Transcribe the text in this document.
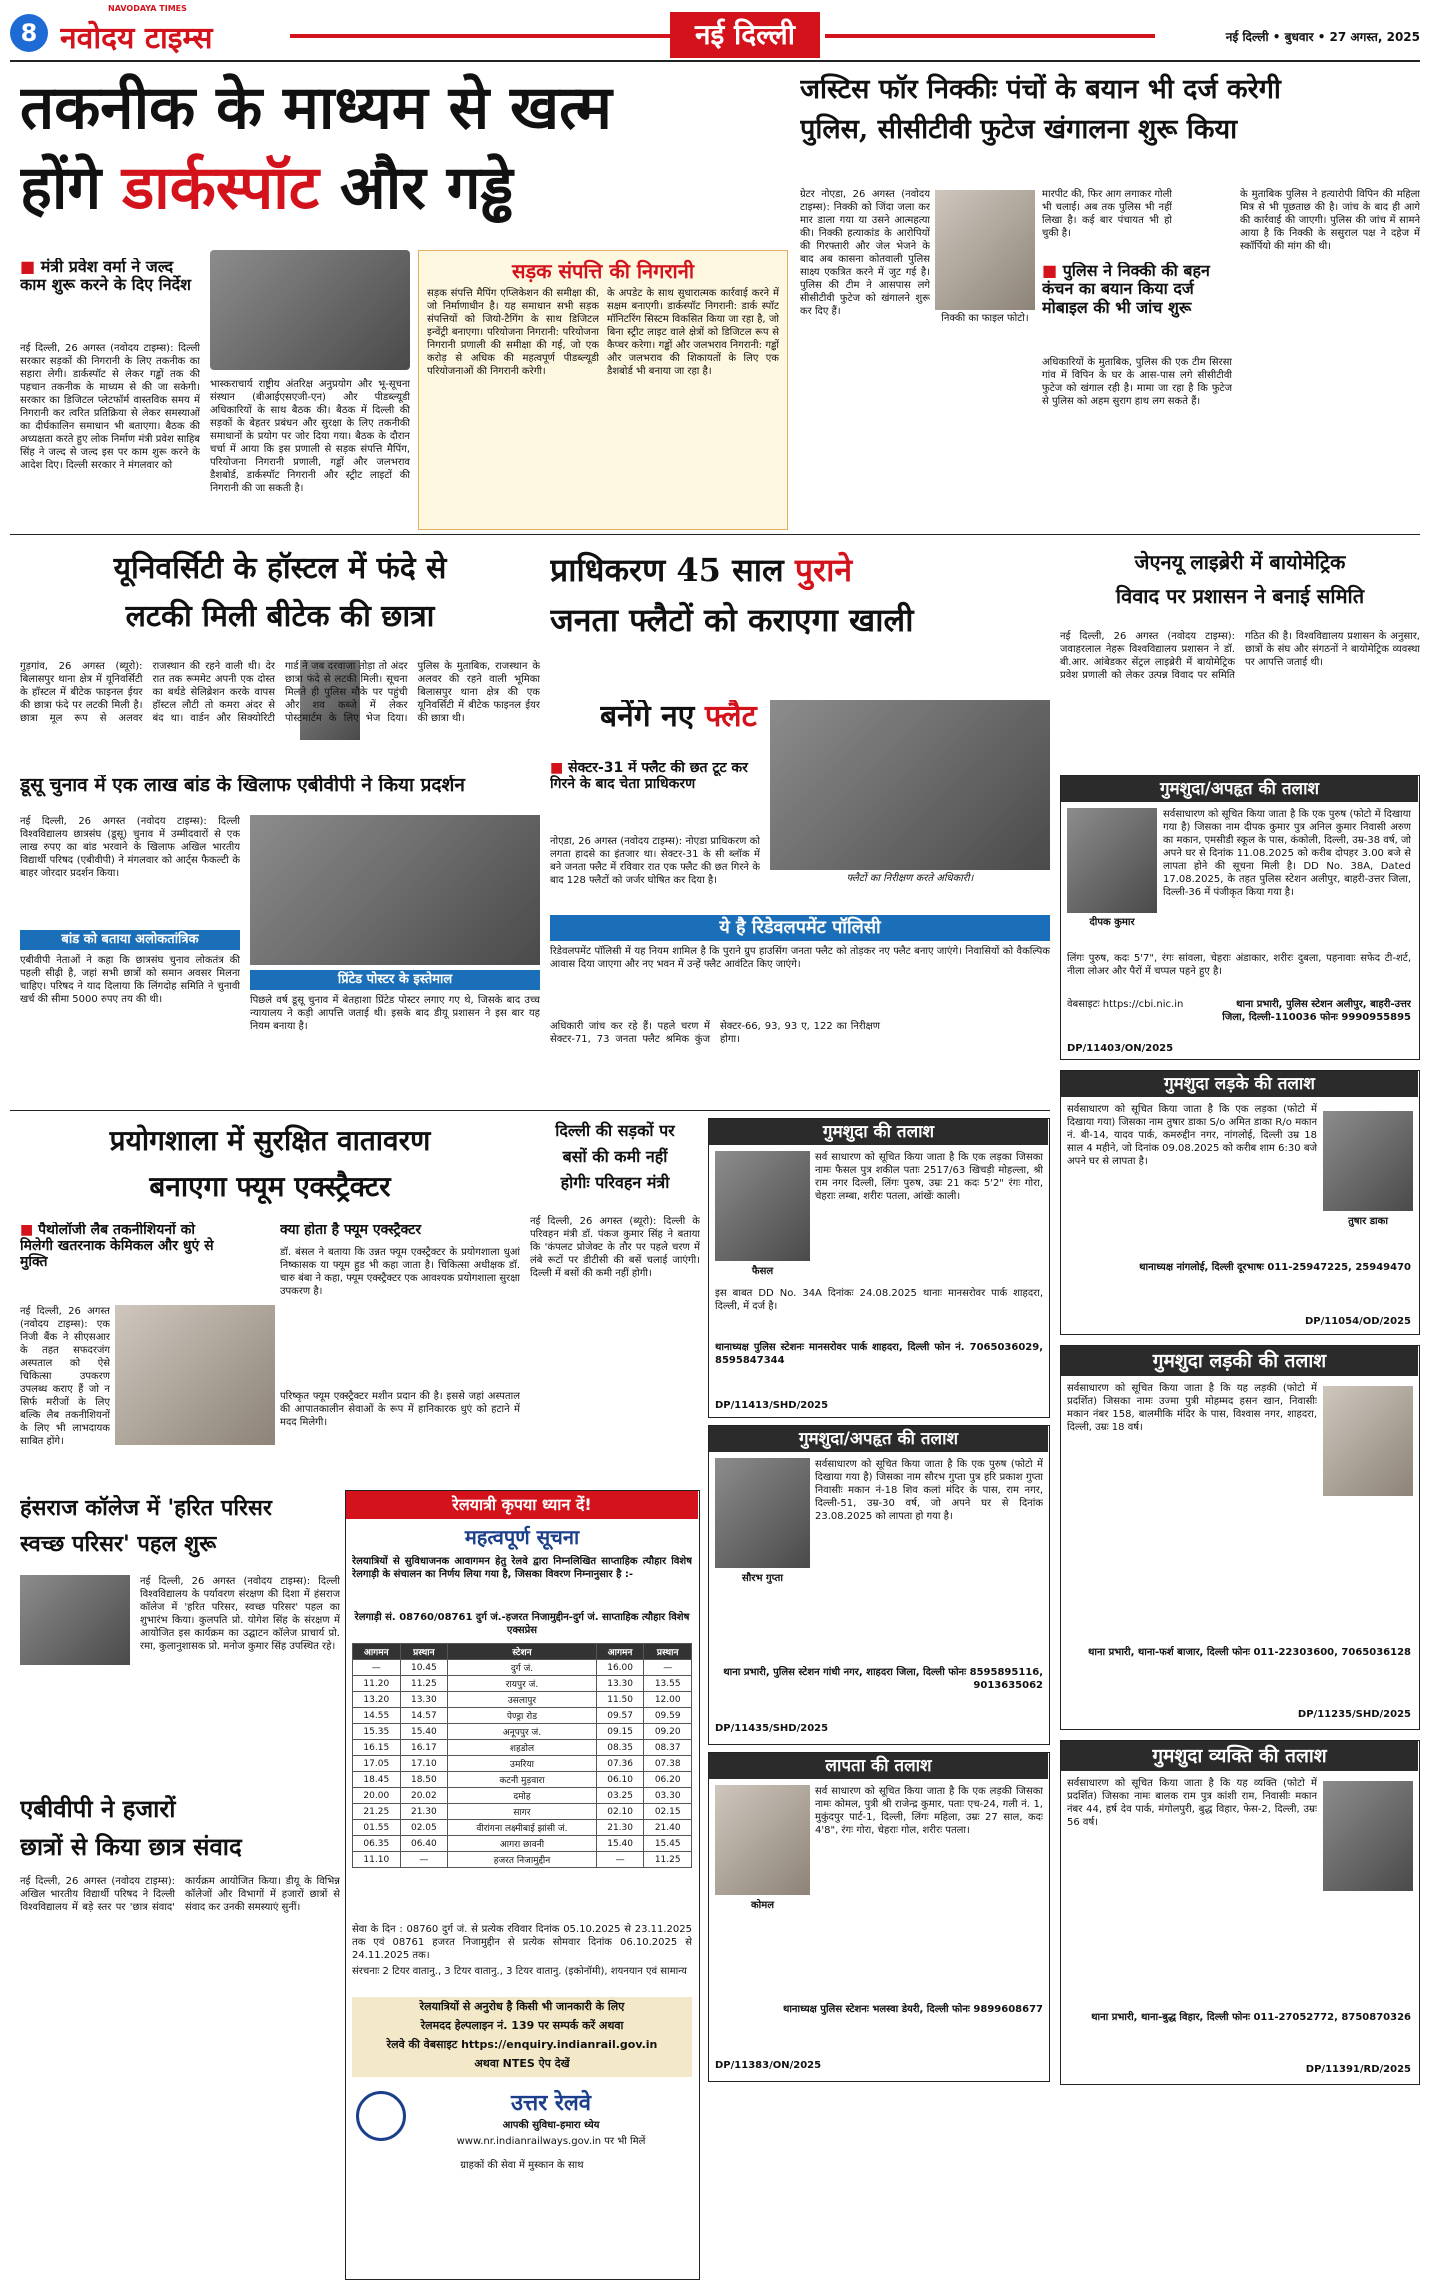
8
NAVODAYA TIMES
नवोदय टाइम्स	नई दिल्ली	नई दिल्ली • बुधवार • 27 अगस्त, 2025
तकनीक के माध्यम से खत्म
होंगे डार्कस्पॉट और गड्ढे
■ मंत्री प्रवेश वर्मा ने जल्द काम शुरू करने के दिए निर्देश
नई दिल्ली, 26 अगस्त (नवोदय टाइम्स): दिल्ली सरकार सड़कों की निगरानी के लिए तकनीक का सहारा लेगी। डार्कस्पॉट से लेकर गड्ढों तक की पहचान तकनीक के माध्यम से की जा सकेगी। सरकार का डिजिटल प्लेटफॉर्म वास्तविक समय में निगरानी कर त्वरित प्रतिक्रिया से लेकर समस्याओं का दीर्घकालिन समाधान भी बताएगा। बैठक की अध्यक्षता करते हुए लोक निर्माण मंत्री प्रवेश साहिब सिंह ने जल्द से जल्द इस पर काम शुरू करने के आदेश दिए। दिल्ली सरकार ने मंगलवार को
भास्कराचार्य राष्ट्रीय अंतरिक्ष अनुप्रयोग और भू-सूचना संस्थान (बीआईएसएजी-एन) और पीडब्ल्यूडी अधिकारियों के साथ बैठक की। बैठक में दिल्ली की सड़कों के बेहतर प्रबंधन और सुरक्षा के लिए तकनीकी समाधानों के प्रयोग पर जोर दिया गया। बैठक के दौरान चर्चा में आया कि इस प्रणाली से सड़क संपत्ति मैपिंग, परियोजना निगरानी प्रणाली, गड्ढों और जलभराव डैशबोर्ड, डार्कस्पॉट निगरानी और स्ट्रीट लाइटों की निगरानी की जा सकती है।
सड़क संपत्ति की निगरानी
सड़क संपत्ति मैपिंग एप्लिकेशन की समीक्षा की, जो निर्माणाधीन है। यह समाधान सभी सड़क संपत्तियों को जियो-टैगिंग के साथ डिजिटल इन्वेंट्री बनाएगा। परियोजना निगरानी: परियोजना निगरानी प्रणाली की समीक्षा की गई, जो एक करोड़ से अधिक की महत्वपूर्ण पीडब्ल्यूडी परियोजनाओं की निगरानी करेगी।
के अपडेट के साथ सुधारात्मक कार्रवाई करने में सक्षम बनाएगी। डार्कस्पॉट निगरानी: डार्क स्पॉट मॉनिटरिंग सिस्टम विकसित किया जा रहा है, जो बिना स्ट्रीट लाइट वाले क्षेत्रों को डिजिटल रूप से कैप्चर करेगा। गड्ढों और जलभराव निगरानी: गड्ढों और जलभराव की शिकायतों के लिए एक डैशबोर्ड भी बनाया जा रहा है।
जस्टिस फॉर निक्कीः पंचों के बयान भी दर्ज करेगी
पुलिस, सीसीटीवी फुटेज खंगालना शुरू किया
ग्रेटर नोएडा, 26 अगस्त (नवोदय टाइम्स): निक्की को जिंदा जला कर मार डाला गया या उसने आत्महत्या की। निक्की हत्याकांड के आरोपियों की गिरफ्तारी और जेल भेजने के बाद अब कासना कोतवाली पुलिस साक्ष्य एकत्रित करने में जुट गई है। पुलिस की टीम ने आसपास लगे सीसीटीवी फुटेज को खंगालने शुरू कर दिए हैं।
निक्की का फाइल फोटो।
मारपीट की, फिर आग लगाकर गोली भी चलाई। अब तक पुलिस भी नहीं लिखा है। कई बार पंचायत भी हो चुकी है।
■ पुलिस ने निक्की की बहन कंचन का बयान किया दर्ज मोबाइल की भी जांच शुरू
अधिकारियों के मुताबिक, पुलिस की एक टीम सिरसा गांव में विपिन के घर के आस-पास लगे सीसीटीवी फुटेज को खंगाल रही है। मामा जा रहा है कि फुटेज से पुलिस को अहम सुराग हाथ लग सकते हैं।
के मुताबिक पुलिस ने हत्यारोपी विपिन की महिला मित्र से भी पूछताछ की है। जांच के बाद ही आगे की कार्रवाई की जाएगी। पुलिस की जांच में सामने आया है कि निक्की के ससुराल पक्ष ने दहेज में स्कॉर्पियो की मांग की थी।
यूनिवर्सिटी के हॉस्टल में फंदे से
लटकी मिली बीटेक की छात्रा
गुड़गांव, 26 अगस्त (ब्यूरो): बिलासपुर थाना क्षेत्र में यूनिवर्सिटी के हॉस्टल में बीटेक फाइनल ईयर की छात्रा फंदे पर लटकी मिली है। छात्रा मूल रूप से अलवर राजस्थान की रहने वाली थी। देर रात तक रूममेट अपनी एक दोस्त का बर्थडे सेलिब्रेशन करके वापस हॉस्टल लौटी तो कमरा अंदर से बंद था। वार्डन और सिक्योरिटी गार्ड ने जब दरवाजा तोड़ा तो अंदर छात्रा फंदे से लटकी मिली। सूचना मिलते ही पुलिस मौके पर पहुंची और शव कब्जे में लेकर पोस्टमार्टम के लिए भेज दिया। पुलिस के मुताबिक, राजस्थान के अलवर की रहने वाली भूमिका बिलासपुर थाना क्षेत्र की एक यूनिवर्सिटी में बीटेक फाइनल ईयर की छात्रा थी।
प्राधिकरण 45 साल पुराने
जनता फ्लैटों को कराएगा खाली
बनेंगे नए फ्लैट
■ सेक्टर-31 में फ्लैट की छत टूट कर गिरने के बाद चेता प्राधिकरण
फ्लैटों का निरीक्षण करते अधिकारी।
नोएडा, 26 अगस्त (नवोदय टाइम्स): नोएडा प्राधिकरण को लगता हादसे का इंतजार था। सेक्टर-31 के सी ब्लॉक में बने जनता फ्लैट में रविवार रात एक फ्लैट की छत गिरने के बाद 128 फ्लैटों को जर्जर घोषित कर दिया है।
ये है रिडेवलपमेंट पॉलिसी
रिडेवलपमेंट पॉलिसी में यह नियम शामिल है कि पुराने ग्रुप हाउसिंग जनता फ्लैट को तोड़कर नए फ्लैट बनाए जाएंगे। निवासियों को वैकल्पिक आवास दिया जाएगा और नए भवन में उन्हें फ्लैट आवंटित किए जाएंगे।
अधिकारी जांच कर रहे हैं। पहले चरण में सेक्टर-71, 73 जनता फ्लैट श्रमिक कुंज सेक्टर-66, 93, 93 ए, 122 का निरीक्षण होगा।
जेएनयू लाइब्रेरी में बायोमेट्रिक
विवाद पर प्रशासन ने बनाई समिति
नई दिल्ली, 26 अगस्त (नवोदय टाइम्स): जवाहरलाल नेहरू विश्वविद्यालय प्रशासन ने डॉ. बी.आर. आंबेडकर सेंट्रल लाइब्रेरी में बायोमेट्रिक प्रवेश प्रणाली को लेकर उत्पन्न विवाद पर समिति गठित की है। विश्वविद्यालय प्रशासन के अनुसार, छात्रों के संघ और संगठनों ने बायोमेट्रिक व्यवस्था पर आपत्ति जताई थी।
गुमशुदा/अपहृत की तलाश
दीपक कुमार
सर्वसाधारण को सूचित किया जाता है कि एक पुरुष (फोटो में दिखाया गया है) जिसका नाम दीपक कुमार पुत्र अनिल कुमार निवासी अरुण का मकान, एमसीडी स्कूल के पास, कंकोली, दिल्ली, उम्र-38 वर्ष, जो अपने घर से दिनांक 11.08.2025 को करीब दोपहर 3.00 बजे से लापता होने की सूचना मिली है। DD No. 38A, Dated 17.08.2025, के तहत पुलिस स्टेशन अलीपुर, बाहरी-उत्तर जिला, दिल्ली-36 में पंजीकृत किया गया है।
लिंगः पुरुष, कदः 5'7", रंगः सांवला, चेहराः अंडाकार, शरीरः दुबला, पहनावाः सफेद टी-शर्ट, नीला लोअर और पैरों में चप्पल पहने हुए है।
वेबसाइटः https://cbi.nic.in	थाना प्रभारी, पुलिस स्टेशन अलीपुर, बाहरी-उत्तर जिला, दिल्ली-110036 फोनः 9990955895
DP/11403/ON/2025
डूसू चुनाव में एक लाख बांड के खिलाफ एबीवीपी ने किया प्रदर्शन
नई दिल्ली, 26 अगस्त (नवोदय टाइम्स): दिल्ली विश्वविद्यालय छात्रसंघ (डूसू) चुनाव में उम्मीदवारों से एक लाख रुपए का बांड भरवाने के खिलाफ अखिल भारतीय विद्यार्थी परिषद (एबीवीपी) ने मंगलवार को आर्ट्स फैकल्टी के बाहर जोरदार प्रदर्शन किया।
बांड को बताया अलोकतांत्रिक
एबीवीपी नेताओं ने कहा कि छात्रसंघ चुनाव लोकतंत्र की पहली सीढ़ी है, जहां सभी छात्रों को समान अवसर मिलना चाहिए। परिषद ने याद दिलाया कि लिंगदोह समिति ने चुनावी खर्च की सीमा 5000 रुपए तय की थी।
प्रिंटेड पोस्टर के इस्तेमाल
पिछले वर्ष डूसू चुनाव में बेतहाशा प्रिंटेड पोस्टर लगाए गए थे, जिसके बाद उच्च न्यायालय ने कड़ी आपत्ति जताई थी। इसके बाद डीयू प्रशासन ने इस बार यह नियम बनाया है।
प्रयोगशाला में सुरक्षित वातावरण
बनाएगा फ्यूम एक्स्ट्रैक्टर
■ पैथोलॉजी लैब तकनीशियनों को मिलेगी खतरनाक केमिकल और धुएं से मुक्ति
नई दिल्ली, 26 अगस्त (नवोदय टाइम्स): एक निजी बैंक ने सीएसआर के तहत सफदरजंग अस्पताल को ऐसे चिकित्सा उपकरण उपलब्ध कराए हैं जो न सिर्फ मरीजों के लिए बल्कि लैब तकनीशियनों के लिए भी लाभदायक साबित होंगे।
क्या होता है फ्यूम एक्स्ट्रैक्टर
डॉ. बंसल ने बताया कि उन्नत फ्यूम एक्स्ट्रैक्टर के प्रयोगशाला धुआं निष्कासक या फ्यूम हुड भी कहा जाता है। चिकित्सा अधीक्षक डॉ. चारु बंबा ने कहा, फ्यूम एक्स्ट्रैक्टर एक आवश्यक प्रयोगशाला सुरक्षा उपकरण है।
परिष्कृत फ्यूम एक्स्ट्रैक्टर मशीन प्रदान की है। इससे जहां अस्पताल की आपातकालीन सेवाओं के रूप में हानिकारक धुएं को हटाने में मदद मिलेगी।
दिल्ली की सड़कों पर
बसों की कमी नहीं
होगीः परिवहन मंत्री
नई दिल्ली, 26 अगस्त (ब्यूरो): दिल्ली के परिवहन मंत्री डॉ. पंकज कुमार सिंह ने बताया कि 'कंपलट प्रोजेक्ट के तौर पर पहले चरण में लंबे रूटों पर डीटीसी की बसें चलाई जाएंगी। दिल्ली में बसों की कमी नहीं होगी।
गुमशुदा की तलाश
फैसल
सर्व साधारण को सूचित किया जाता है कि एक लड़का जिसका नामः फैसल पुत्र शकील पताः 2517/63 खिचड़ी मोहल्ला, श्री राम नगर दिल्ली, लिंगः पुरुष, उम्रः 21 कदः 5'2" रंगः गोरा, चेहराः लम्बा, शरीरः पतला, आंखेंः काली।
इस बाबत DD No. 34A दिनांकः 24.08.2025 थानाः मानसरोवर पार्क शाहदरा, दिल्ली, में दर्ज है।
थानाध्यक्ष पुलिस स्टेशनः मानसरोवर पार्क शाहदरा, दिल्ली फोन नं. 7065036029, 8595847344
DP/11413/SHD/2025
गुमशुदा लड़के की तलाश
सर्वसाधारण को सूचित किया जाता है कि एक लड़का (फोटो में दिखाया गया) जिसका नाम तुषार डाका S/o अमित डाका R/o मकान नं. बी-14, यादव पार्क, कमरुद्दीन नगर, नांगलोई, दिल्ली उम्र 18 साल 4 महीने, जो दिनांक 09.08.2025 को करीब शाम 6:30 बजे अपने घर से लापता है।
तुषार डाका
थानाध्यक्ष नांगलोई, दिल्ली दूरभाषः 011-25947225, 25949470
DP/11054/OD/2025
हंसराज कॉलेज में 'हरित परिसर
स्वच्छ परिसर' पहल शुरू
नई दिल्ली, 26 अगस्त (नवोदय टाइम्स): दिल्ली विश्वविद्यालय के पर्यावरण संरक्षण की दिशा में हंसराज कॉलेज में 'हरित परिसर, स्वच्छ परिसर' पहल का शुभारंभ किया। कुलपति प्रो. योगेश सिंह के संरक्षण में आयोजित इस कार्यक्रम का उद्घाटन कॉलेज प्राचार्य प्रो. रमा, कुलानुशासक प्रो. मनोज कुमार सिंह उपस्थित रहे।
एबीवीपी ने हजारों
छात्रों से किया छात्र संवाद
नई दिल्ली, 26 अगस्त (नवोदय टाइम्स): अखिल भारतीय विद्यार्थी परिषद ने दिल्ली विश्वविद्यालय में बड़े स्तर पर 'छात्र संवाद' कार्यक्रम आयोजित किया। डीयू के विभिन्न कॉलेजों और विभागों में हजारों छात्रों से संवाद कर उनकी समस्याएं सुनीं।
रेलयात्री कृपया ध्यान दें!
महत्वपूर्ण सूचना
रेलयात्रियों से सुविधाजनक आवागमन हेतु रेलवे द्वारा निम्नलिखित साप्ताहिक त्यौहार विशेष रेलगाड़ी के संचालन का निर्णय लिया गया है, जिसका विवरण निम्नानुसार है :-
रेलगाड़ी सं. 08760/08761 दुर्ग जं.-हजरत निजामुद्दीन-दुर्ग जं. साप्ताहिक त्यौहार विशेष एक्सप्रेस
आगमन	प्रस्थान	स्टेशन	आगमन	प्रस्थान
—	10.45	दुर्ग जं.	16.00	—
11.20	11.25	रायपुर जं.	13.30	13.55
13.20	13.30	उसलापुर	11.50	12.00
14.55	14.57	पेण्ड्रा रोड	09.57	09.59
15.35	15.40	अनूपपुर जं.	09.15	09.20
16.15	16.17	शहडोल	08.35	08.37
17.05	17.10	उमरिया	07.36	07.38
18.45	18.50	कटनी मुड़वारा	06.10	06.20
20.00	20.02	दमोह	03.25	03.30
21.25	21.30	सागर	02.10	02.15
01.55	02.05	वीरांगना लक्ष्मीबाई झांसी जं.	21.30	21.40
06.35	06.40	आगरा छावनी	15.40	15.45
11.10	—	हजरत निजामुद्दीन	—	11.25
सेवा के दिन : 08760 दुर्ग जं. से प्रत्येक रविवार दिनांक 05.10.2025 से 23.11.2025 तक एवं 08761 हजरत निजामुद्दीन से प्रत्येक सोमवार दिनांक 06.10.2025 से 24.11.2025 तक।
संरचनाः 2 टियर वातानु., 3 टियर वातानु., 3 टियर वातानु. (इकोनॉमी), शयनयान एवं सामान्य
रेलयात्रियों से अनुरोध है किसी भी जानकारी के लिए
रेलमदद हेल्पलाइन नं. 139 पर सम्पर्क करें अथवा
रेलवे की वेबसाइट https://enquiry.indianrail.gov.in
अथवा NTES ऐप देखें
उत्तर रेलवे
आपकी सुविधा-हमारा ध्येय
www.nr.indianrailways.gov.in पर भी मिलें
ग्राहकों की सेवा में मुस्कान के साथ
गुमशुदा/अपहृत की तलाश
सौरभ गुप्ता
सर्वसाधारण को सूचित किया जाता है कि एक पुरुष (फोटो में दिखाया गया है) जिसका नाम सौरभ गुप्ता पुत्र हरि प्रकाश गुप्ता निवासीः मकान नं-18 शिव कलां मंदिर के पास, राम नगर, दिल्ली-51, उम्र-30 वर्ष, जो अपने घर से दिनांक 23.08.2025 को लापता हो गया है।
थाना प्रभारी, पुलिस स्टेशन गांधी नगर, शाहदरा जिला, दिल्ली फोनः 8595895116, 9013635062
DP/11435/SHD/2025
लापता की तलाश
कोमल
सर्व साधारण को सूचित किया जाता है कि एक लड़की जिसका नामः कोमल, पुत्री श्री राजेन्द्र कुमार, पताः एच-24, गली नं. 1, मुकुंदपुर पार्ट-1, दिल्ली, लिंगः महिला, उम्रः 27 साल, कदः 4'8", रंगः गोरा, चेहराः गोल, शरीरः पतला।
थानाध्यक्ष पुलिस स्टेशनः भलस्वा डेयरी, दिल्ली फोनः 9899608677
DP/11383/ON/2025
गुमशुदा लड़की की तलाश
सर्वसाधारण को सूचित किया जाता है कि यह लड़की (फोटो में प्रदर्शित) जिसका नामः उज्मा पुत्री मोहम्मद हसन खान, निवासीः मकान नंबर 158, बालमीकि मंदिर के पास, विश्वास नगर, शाहदरा, दिल्ली, उम्रः 18 वर्ष।
थाना प्रभारी, थाना-फर्श बाजार, दिल्ली फोनः 011-22303600, 7065036128
DP/11235/SHD/2025
गुमशुदा व्यक्ति की तलाश
सर्वसाधारण को सूचित किया जाता है कि यह व्यक्ति (फोटो में प्रदर्शित) जिसका नामः बालक राम पुत्र कांशी राम, निवासीः मकान नंबर 44, हर्ष देव पार्क, मंगोलपुरी, बुद्ध विहार, फेस-2, दिल्ली, उम्रः 56 वर्ष।
थाना प्रभारी, थाना-बुद्ध विहार, दिल्ली फोनः 011-27052772, 8750870326
DP/11391/RD/2025
